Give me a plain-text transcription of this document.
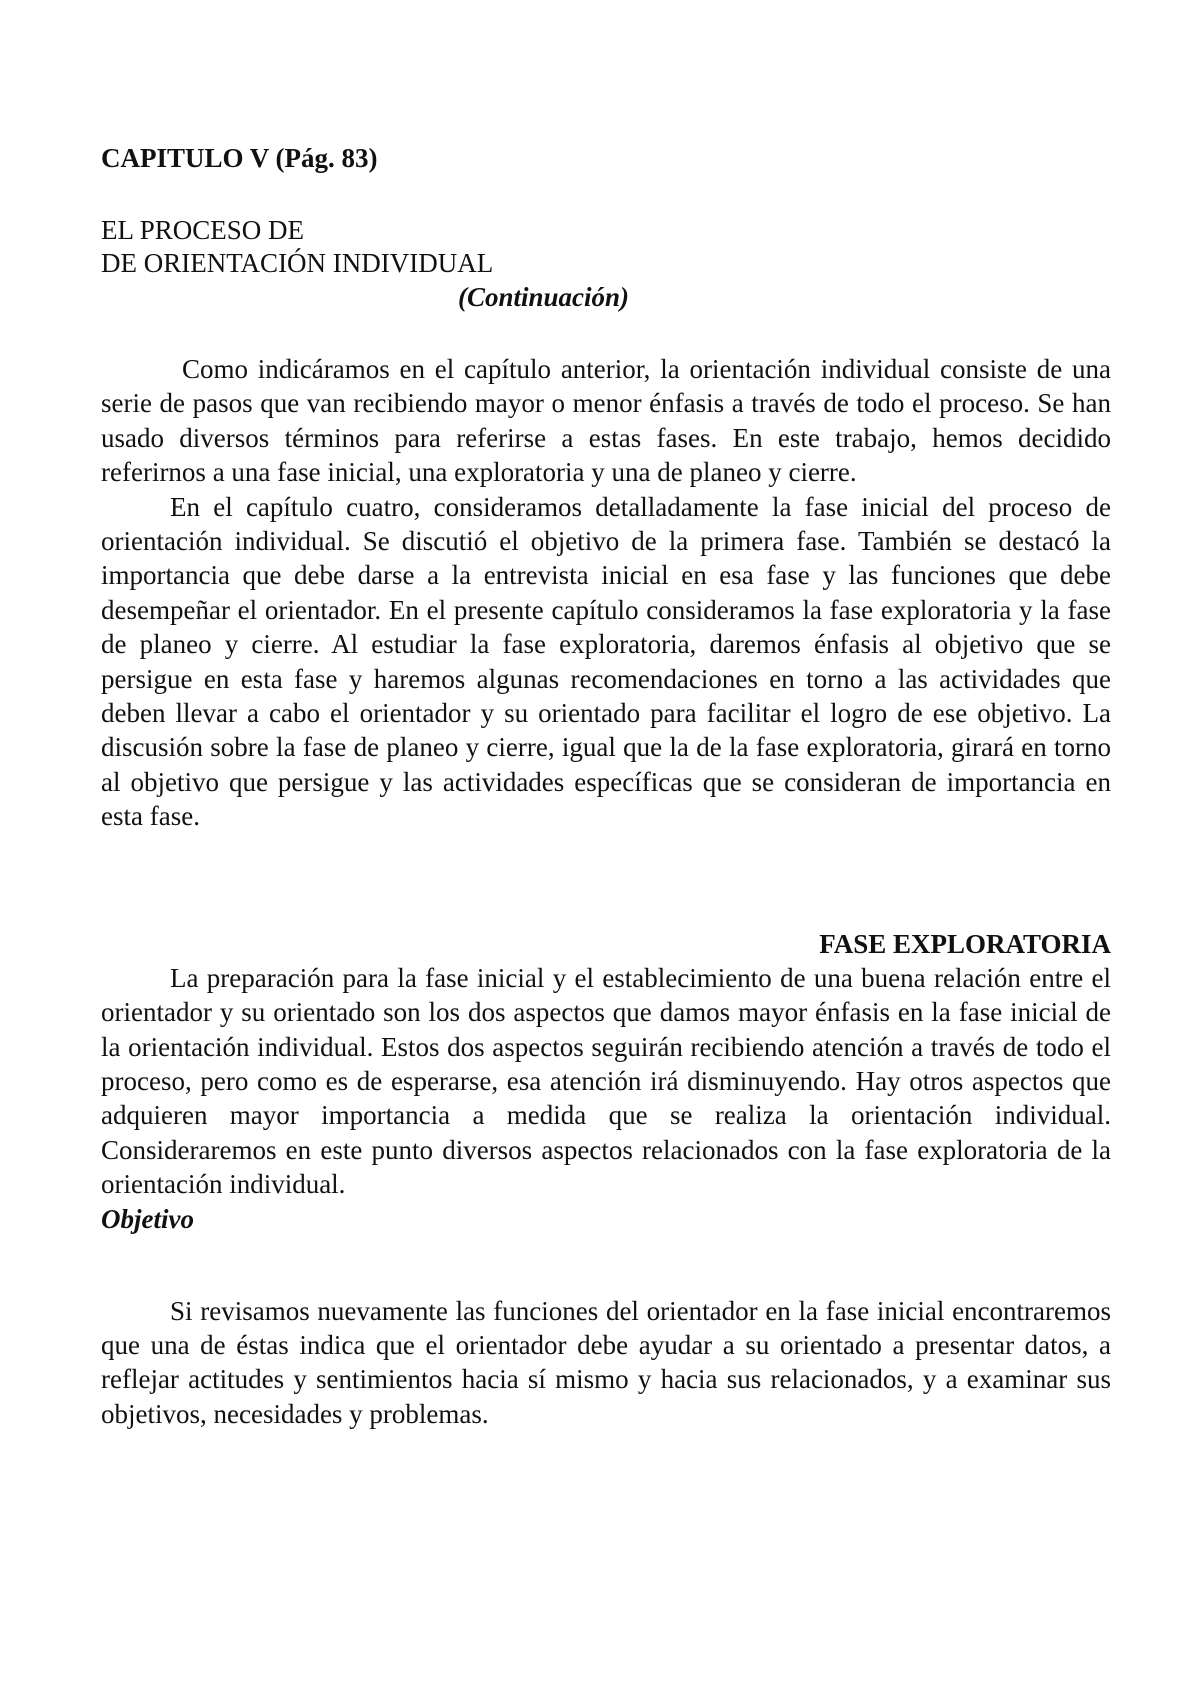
CAPITULO V (Pág. 83)
EL PROCESO DE
DE ORIENTACIÓN INDIVIDUAL

(Continuación)

Como indicáramos en el capítulo anterior, la orientación individual consiste de una serie de pasos que van recibiendo mayor o menor énfasis a través de todo el proceso. Se han usado diversos términos para referirse a estas fases. En este trabajo, hemos decidido referirnos a una fase inicial, una exploratoria y una de planeo y cierre.

En el capítulo cuatro, consideramos detalladamente la fase inicial del proceso de orientación individual. Se discutió el objetivo de la primera fase. También se destacó la importancia que debe darse a la entrevista inicial en esa fase y las funciones que debe desempeñar el orientador. En el presente capítulo consideramos la fase exploratoria y la fase de planeo y cierre. Al estudiar la fase exploratoria, daremos énfasis al objetivo que se persigue en esta fase y haremos algunas recomendaciones en torno a las actividades que deben llevar a cabo el orientador y su orientado para facilitar el logro de ese objetivo. La discusión sobre la fase de planeo y cierre, igual que la de la fase exploratoria, girará en torno al objetivo que persigue y las actividades específicas que se consideran de importancia en esta fase.

FASE EXPLORATORIA

La preparación para la fase inicial y el establecimiento de una buena relación entre el orientador y su orientado son los dos aspectos que damos mayor énfasis en la fase inicial de la orientación individual. Estos dos aspectos seguirán recibiendo atención a través de todo el proceso, pero como es de esperarse, esa atención irá disminuyendo. Hay otros aspectos que adquieren mayor importancia a medida que se realiza la orientación individual. Consideraremos en este punto diversos aspectos relacionados con la fase exploratoria de la orientación individual.

Objetivo

Si revisamos nuevamente las funciones del orientador en la fase inicial encontraremos que una de éstas indica que el orientador debe ayudar a su orientado a presentar datos, a reflejar actitudes y sentimientos hacia sí mismo y hacia sus relacionados, y a examinar sus objetivos, necesidades y problemas.
